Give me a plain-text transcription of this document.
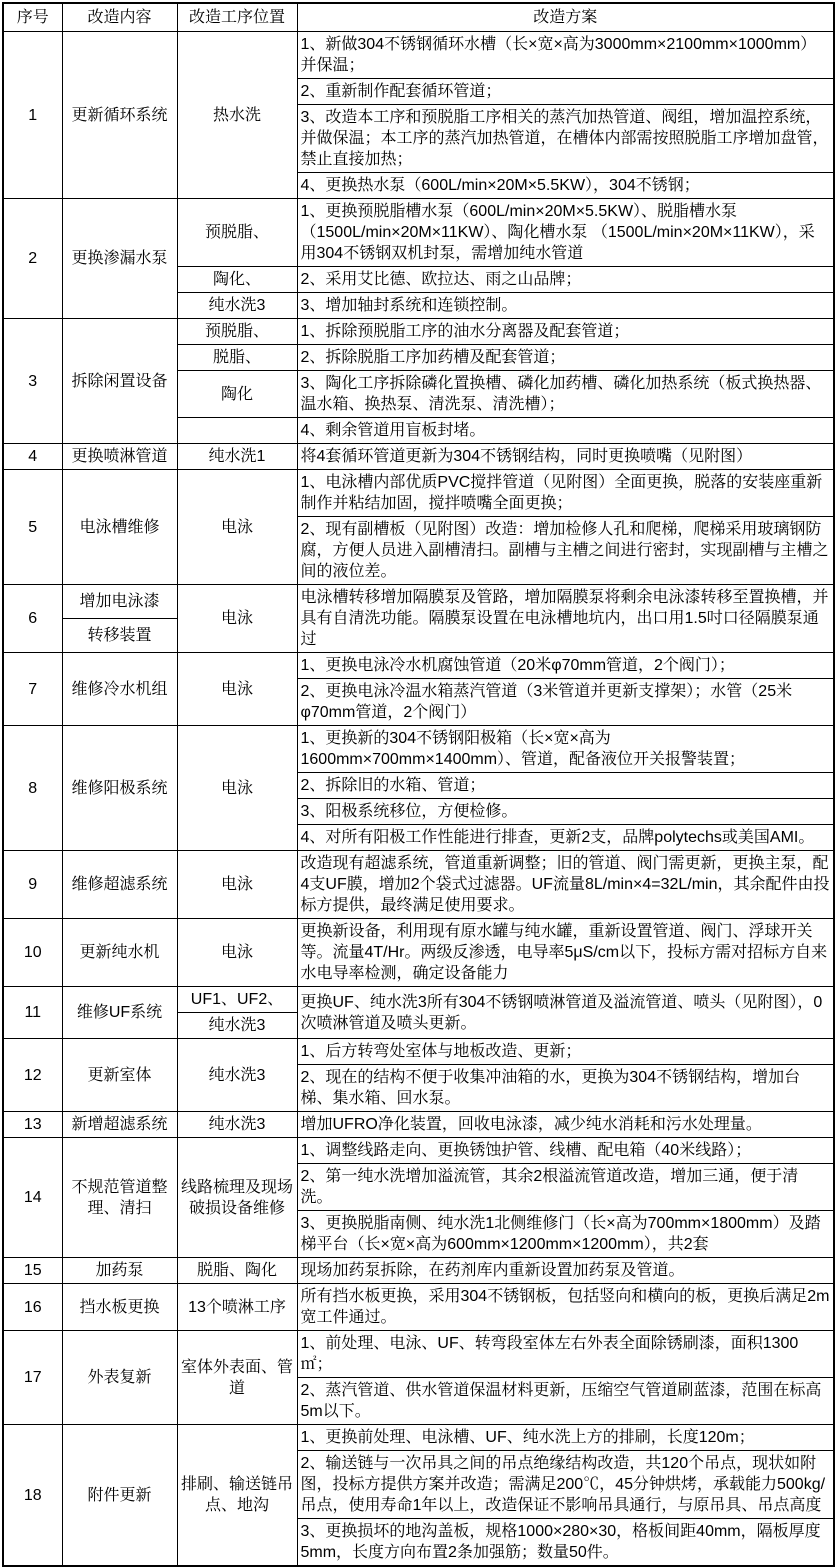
序号	改造内容	改造工序位置	改造方案
1	更新循环系统	热水洗	1、新做304不锈钢循环水槽（长×宽×高为3000mm×2100mm×1000mm）并保温；
			2、重新制作配套循环管道；
			3、改造本工序和预脱脂工序相关的蒸汽加热管道、阀组，增加温控系统，并做保温；本工序的蒸汽加热管道，在槽体内部需按照脱脂工序增加盘管，禁止直接加热；
			4、更换热水泵（600L/min×20M×5.5KW），304不锈钢；
2	更换渗漏水泵	预脱脂、	1、更换预脱脂槽水泵（600L/min×20M×5.5KW）、脱脂槽水泵 （1500L/min×20M×11KW）、陶化槽水泵 （1500L/min×20M×11KW），采用304不锈钢双机封泵，需增加纯水管道
		陶化、	2、采用艾比德、欧拉达、雨之山品牌；
		纯水洗3	3、增加轴封系统和连锁控制。
3	拆除闲置设备	预脱脂、	1、拆除预脱脂工序的油水分离器及配套管道；
		脱脂、	2、拆除脱脂工序加药槽及配套管道；
		陶化	3、陶化工序拆除磷化置换槽、磷化加药槽、磷化加热系统（板式换热器、温水箱、换热泵、清洗泵、清洗槽）；
			4、剩余管道用盲板封堵。
4	更换喷淋管道	纯水洗1	将4套循环管道更新为304不锈钢结构，同时更换喷嘴（见附图）
5	电泳槽维修	电泳	1、电泳槽内部优质PVC搅拌管道（见附图）全面更换，脱落的安装座重新制作并粘结加固，搅拌喷嘴全面更换；
			2、现有副槽板（见附图）改造：增加检修人孔和爬梯，爬梯采用玻璃钢防腐，方便人员进入副槽清扫。副槽与主槽之间进行密封，实现副槽与主槽之间的液位差。
6	增加电泳漆	电泳	电泳槽转移增加隔膜泵及管路，增加隔膜泵将剩余电泳漆转移至置换槽，并具有自清洗功能。隔膜泵设置在电泳槽地坑内，出口用1.5吋口径隔膜泵通过
	转移装置		
7	维修冷水机组	电泳	1、更换电泳冷水机腐蚀管道（20米φ70mm管道，2个阀门）；
			2、更换电泳冷温水箱蒸汽管道（3米管道并更新支撑架）；水管（25米φ70mm管道，2个阀门）
8	维修阳极系统	电泳	1、更换新的304不锈钢阳极箱（长×宽×高为1600mm×700mm×1400mm）、管道，配备液位开关报警装置；
			2、拆除旧的水箱、管道；
			3、阳极系统移位，方便检修。
			4、对所有阳极工作性能进行排查，更新2支，品牌polytechs或美国AMI。
9	维修超滤系统	电泳	改造现有超滤系统，管道重新调整；旧的管道、阀门需更新，更换主泵，配4支UF膜，增加2个袋式过滤器。UF流量8L/min×4=32L/min，其余配件由投标方提供，最终满足使用要求。
10	更新纯水机	电泳	更换新设备，利用现有原水罐与纯水罐，重新设置管道、阀门、浮球开关等。流量4T/Hr。两级反渗透，电导率5μS/cm以下，投标方需对招标方自来水电导率检测，确定设备能力
11	维修UF系统	UF1、UF2、	更换UF、纯水洗3所有304不锈钢喷淋管道及溢流管道、喷头（见附图），0次喷淋管道及喷头更新。
		纯水洗3	
12	更新室体	纯水洗3	1、后方转弯处室体与地板改造、更新；
			2、现在的结构不便于收集冲油箱的水，更换为304不锈钢结构，增加台梯、集水箱、回水泵。
13	新增超滤系统	纯水洗3	增加UFRO净化装置，回收电泳漆，减少纯水消耗和污水处理量。
14	不规范管道整理、清扫	线路梳理及现场破损设备维修	1、调整线路走向、更换锈蚀护管、线槽、配电箱（40米线路）；
			2、第一纯水洗增加溢流管，其余2根溢流管道改造，增加三通，便于清洗。
			3、更换脱脂南侧、纯水洗1北侧维修门（长×高为700mm×1800mm）及踏梯平台（长×宽×高为600mm×1200mm×1200mm），共2套
15	加药泵	脱脂、陶化	现场加药泵拆除，在药剂库内重新设置加药泵及管道。
16	挡水板更换	13个喷淋工序	所有挡水板更换，采用304不锈钢板，包括竖向和横向的板，更换后满足2m宽工件通过。
17	外表复新	室体外表面、管道	1、前处理、电泳、UF、转弯段室体左右外表全面除锈刷漆，面积1300㎡；
			2、蒸汽管道、供水管道保温材料更新，压缩空气管道刷蓝漆，范围在标高5m以下。
18	附件更新	排刷、输送链吊点、地沟	1、更换前处理、电泳槽、UF、纯水洗上方的排刷，长度120m；
			2、输送链与一次吊具之间的吊点绝缘结构改造，共120个吊点，现状如附图，投标方提供方案并改造；需满足200℃，45分钟烘烤，承载能力500kg/吊点，使用寿命1年以上，改造保证不影响吊具通行，与原吊具、吊点高度
			3、更换损坏的地沟盖板，规格1000×280×30，格板间距40mm，隔板厚度5mm，长度方向布置2条加强筋；数量50件。
